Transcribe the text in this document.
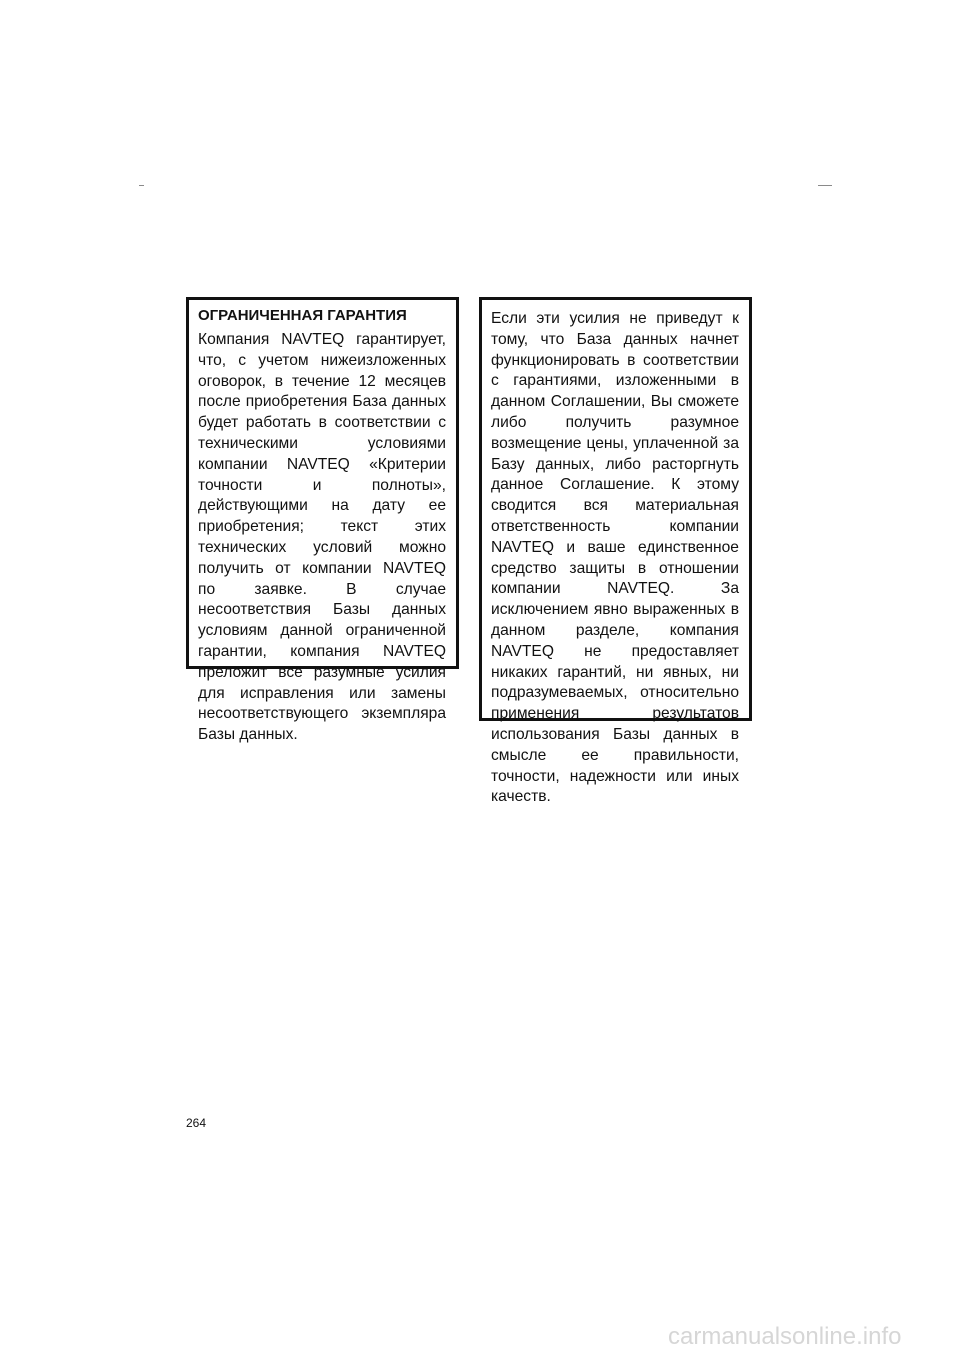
ОГРАНИЧЕННАЯ ГАРАНТИЯ

Компания NAVTEQ гарантирует, что, с учетом нижеизложенных оговорок, в течение 12 месяцев после приобретения База данных будет работать в соответствии с техническими условиями компании NAVTEQ «Критерии точности и полноты», действующими на дату ее приобретения; текст этих технических условий можно получить от компании NAVTEQ по заявке. В случае несоответствия Базы данных условиям данной ограниченной гарантии, компания NAVTEQ преложит все разумные усилия для исправления или замены несоответствующего экземпляра Базы данных.

Если эти усилия не приведут к тому, что База данных начнет функционировать в соответствии с гарантиями, изложенными в данном Соглашении, Вы сможете либо получить разумное возмещение цены, уплаченной за Базу данных, либо расторгнуть данное Соглашение. К этому сводится вся материальная ответственность компании NAVTEQ и ваше единственное средство защиты в отношении компании NAVTEQ. За исключением явно выраженных в данном разделе, компания NAVTEQ не предоставляет никаких гарантий, ни явных, ни подразумеваемых, относительно применения результатов использования Базы данных в смысле ее правильности, точности, надежности или иных качеств.

264
carmanualsonline.info
